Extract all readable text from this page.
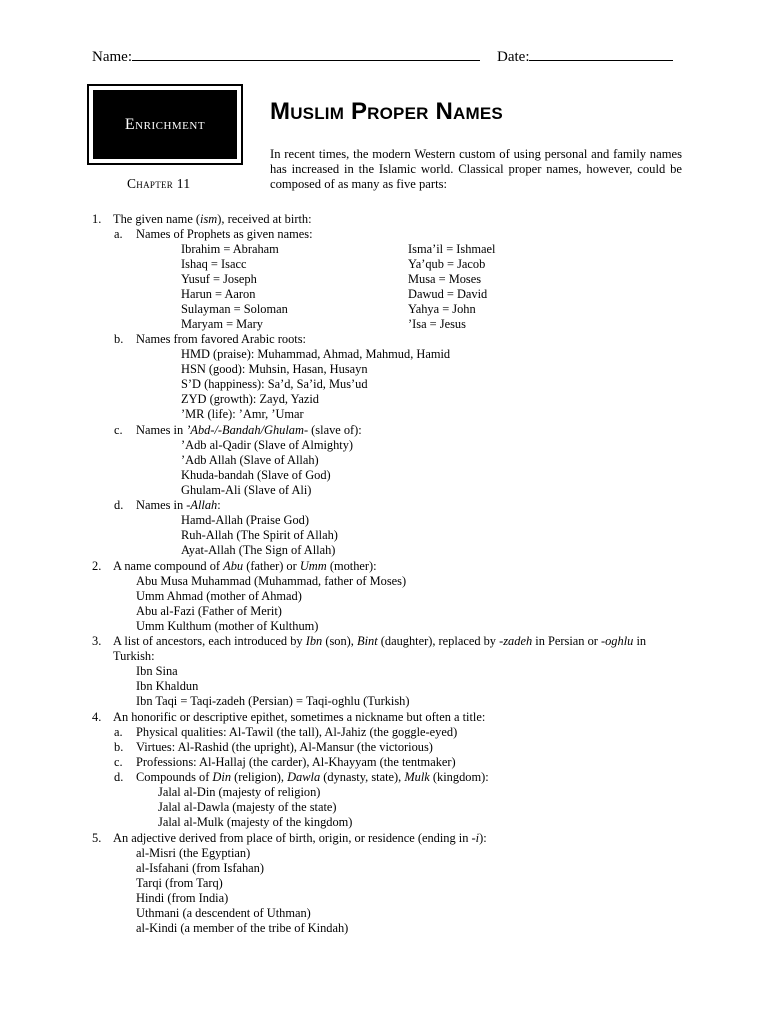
Name:	Date:
Enrichment
Chapter 11
Muslim Proper Names
In recent times, the modern Western custom of using personal and family names has increased in the Islamic world. Classical proper names, however, could be composed of as many as five parts:
1. The given name (ism), received at birth:
a. Names of Prophets as given names:
Ibrahim = Abraham
Ishaq = Isacc
Yusuf = Joseph
Harun = Aaron
Sulayman = Soloman
Maryam = Mary
Isma’il = Ishmael
Ya’qub = Jacob
Musa = Moses
Dawud = David
Yahya = John
’Isa = Jesus
b. Names from favored Arabic roots:
HMD (praise): Muhammad, Ahmad, Mahmud, Hamid
HSN (good): Muhsin, Hasan, Husayn
S’D (happiness): Sa’d, Sa’id, Mus’ud
ZYD (growth): Zayd, Yazid
’MR (life): ’Amr, ’Umar
c. Names in ’Abd-/-Bandah/Ghulam- (slave of):
’Adb al-Qadir (Slave of Almighty)
’Adb Allah (Slave of Allah)
Khuda-bandah (Slave of God)
Ghulam-Ali (Slave of Ali)
d. Names in -Allah:
Hamd-Allah (Praise God)
Ruh-Allah (The Spirit of Allah)
Ayat-Allah (The Sign of Allah)
2. A name compound of Abu (father) or Umm (mother):
Abu Musa Muhammad (Muhammad, father of Moses)
Umm Ahmad (mother of Ahmad)
Abu al-Fazi (Father of Merit)
Umm Kulthum (mother of Kulthum)
3. A list of ancestors, each introduced by Ibn (son), Bint (daughter), replaced by -zadeh in Persian or -oghlu in
Turkish:
Ibn Sina
Ibn Khaldun
Ibn Taqi = Taqi-zadeh (Persian) = Taqi-oghlu (Turkish)
4. An honorific or descriptive epithet, sometimes a nickname but often a title:
a. Physical qualities: Al-Tawil (the tall), Al-Jahiz (the goggle-eyed)
b. Virtues: Al-Rashid (the upright), Al-Mansur (the victorious)
c. Professions: Al-Hallaj (the carder), Al-Khayyam (the tentmaker)
d. Compounds of Din (religion), Dawla (dynasty, state), Mulk (kingdom):
Jalal al-Din (majesty of religion)
Jalal al-Dawla (majesty of the state)
Jalal al-Mulk (majesty of the kingdom)
5. An adjective derived from place of birth, origin, or residence (ending in -i):
al-Misri (the Egyptian)
al-Isfahani (from Isfahan)
Tarqi (from Tarq)
Hindi (from India)
Uthmani (a descendent of Uthman)
al-Kindi (a member of the tribe of Kindah)
